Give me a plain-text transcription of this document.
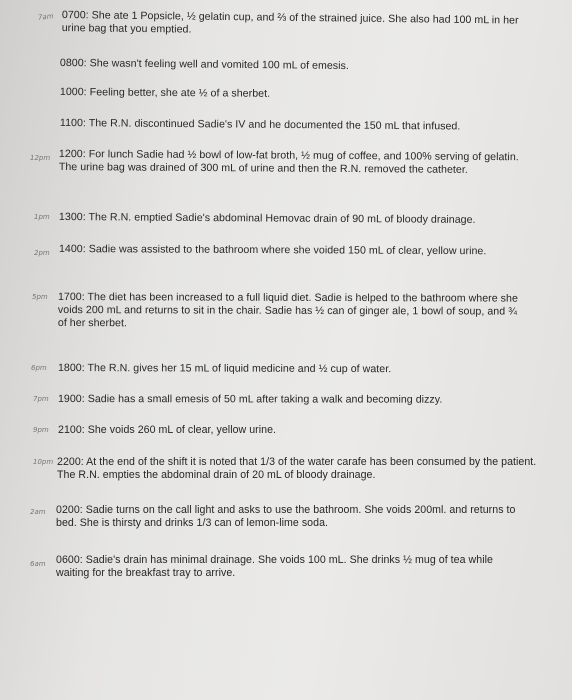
7am 0700: She ate 1 Popsicle, ½ gelatin cup, and ⅔ of the strained juice. She also had 100 mL in her urine bag that you emptied.
0800: She wasn't feeling well and vomited 100 mL of emesis.
1000: Feeling better, she ate ½ of a sherbet.
1100: The R.N. discontinued Sadie's IV and he documented the 150 mL that infused.
12pm 1200: For lunch Sadie had ½ bowl of low-fat broth, ½ mug of coffee, and 100% serving of gelatin. The urine bag was drained of 300 mL of urine and then the R.N. removed the catheter.
1pm 1300: The R.N. emptied Sadie's abdominal Hemovac drain of 90 mL of bloody drainage.
2pm 1400: Sadie was assisted to the bathroom where she voided 150 mL of clear, yellow urine.
5pm 1700: The diet has been increased to a full liquid diet. Sadie is helped to the bathroom where she voids 200 mL and returns to sit in the chair. Sadie has ½ can of ginger ale, 1 bowl of soup, and ¾ of her sherbet.
6pm 1800: The R.N. gives her 15 mL of liquid medicine and ½ cup of water.
7pm 1900: Sadie has a small emesis of 50 mL after taking a walk and becoming dizzy.
9pm 2100: She voids 260 mL of clear, yellow urine.
10pm 2200: At the end of the shift it is noted that 1/3 of the water carafe has been consumed by the patient. The R.N. empties the abdominal drain of 20 mL of bloody drainage.
2am 0200: Sadie turns on the call light and asks to use the bathroom. She voids 200ml. and returns to bed. She is thirsty and drinks 1/3 can of lemon-lime soda.
6am 0600: Sadie's drain has minimal drainage. She voids 100 mL. She drinks ½ mug of tea while waiting for the breakfast tray to arrive.
